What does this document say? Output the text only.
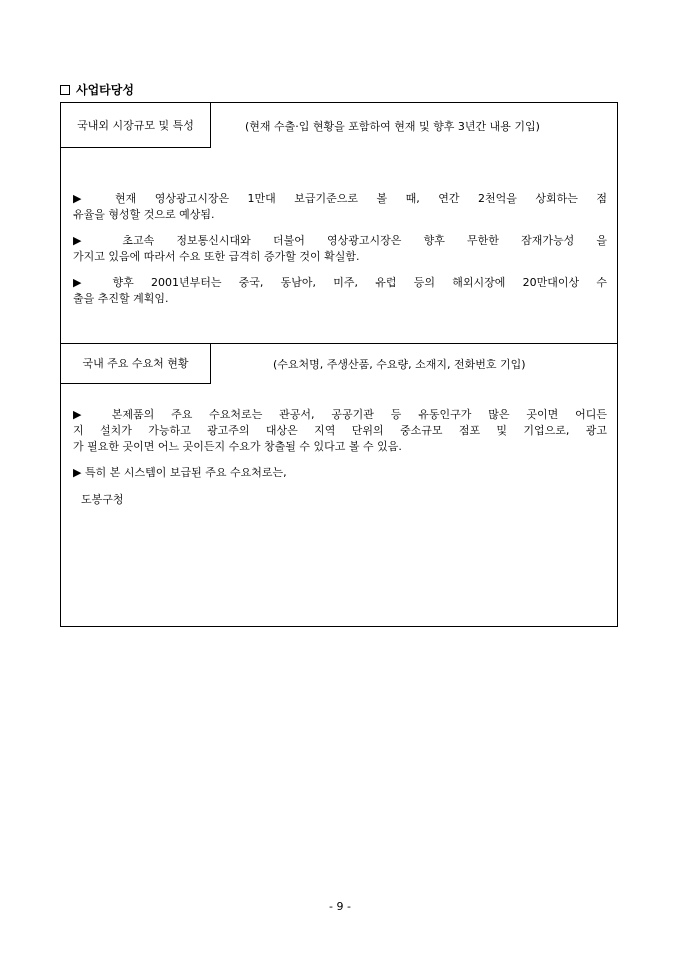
사업타당성
국내외 시장규모 및 특성	(현재 수출·입 현황을 포함하여 현재 및 향후 3년간 내용 기입)
▶ 현재 영상광고시장은 1만대 보급기준으로 볼 때, 연간 2천억을 상회하는 점
유율을 형성할 것으로 예상됨.
▶ 초고속 정보통신시대와 더불어 영상광고시장은 향후 무한한 잠재가능성 을
가지고 있음에 따라서 수요 또한 급격히 증가할 것이 확실함.
▶ 향후 2001년부터는 중국, 동남아, 미주, 유럽 등의 해외시장에 20만대이상 수
출을 추진할 계획임.
국내 주요 수요처 현황	(수요처명, 주생산품, 수요량, 소재지, 전화번호 기입)
▶ 본제품의 주요 수요처로는 관공서, 공공기관 등 유동인구가 많은 곳이면 어디든
지 설치가 가능하고 광고주의 대상은 지역 단위의 중소규모 점포 및 기업으로, 광고
가 필요한 곳이면 어느 곳이든지 수요가 창출될 수 있다고 볼 수 있음.
▶ 특히 본 시스템이 보급된 주요 수요처로는,
도봉구청
- 9 -
